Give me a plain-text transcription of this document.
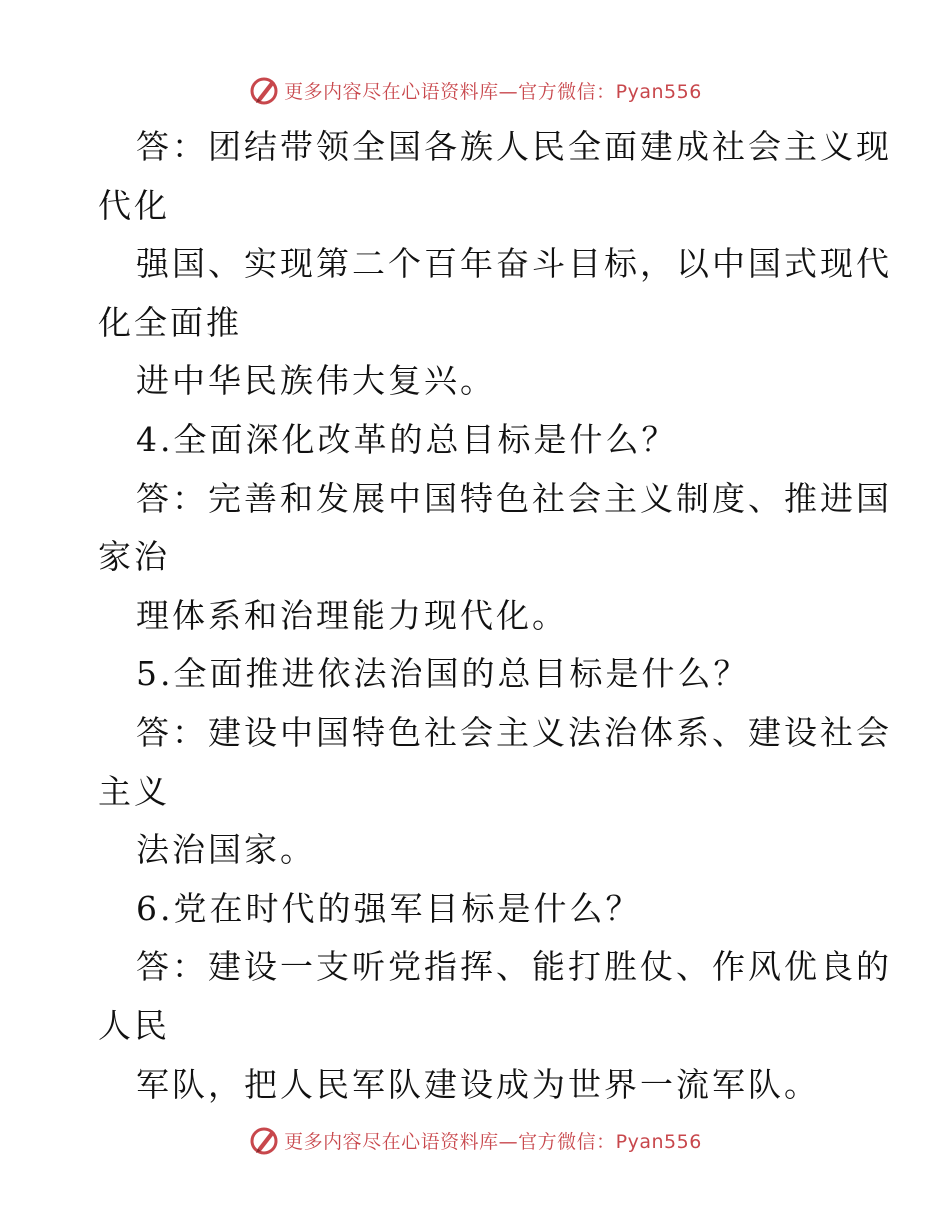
更多内容尽在心语资料库—官方微信：Pyan556
答：团结带领全国各族人民全面建成社会主义现
代化
强国、实现第二个百年奋斗目标，以中国式现代
化全面推
进中华民族伟大复兴。
4.全面深化改革的总目标是什么？
答：完善和发展中国特色社会主义制度、推进国
家治
理体系和治理能力现代化。
5.全面推进依法治国的总目标是什么？
答：建设中国特色社会主义法治体系、建设社会
主义
法治国家。
6.党在时代的强军目标是什么？
答：建设一支听党指挥、能打胜仗、作风优良的
人民
军队，把人民军队建设成为世界一流军队。
更多内容尽在心语资料库—官方微信：Pyan556
